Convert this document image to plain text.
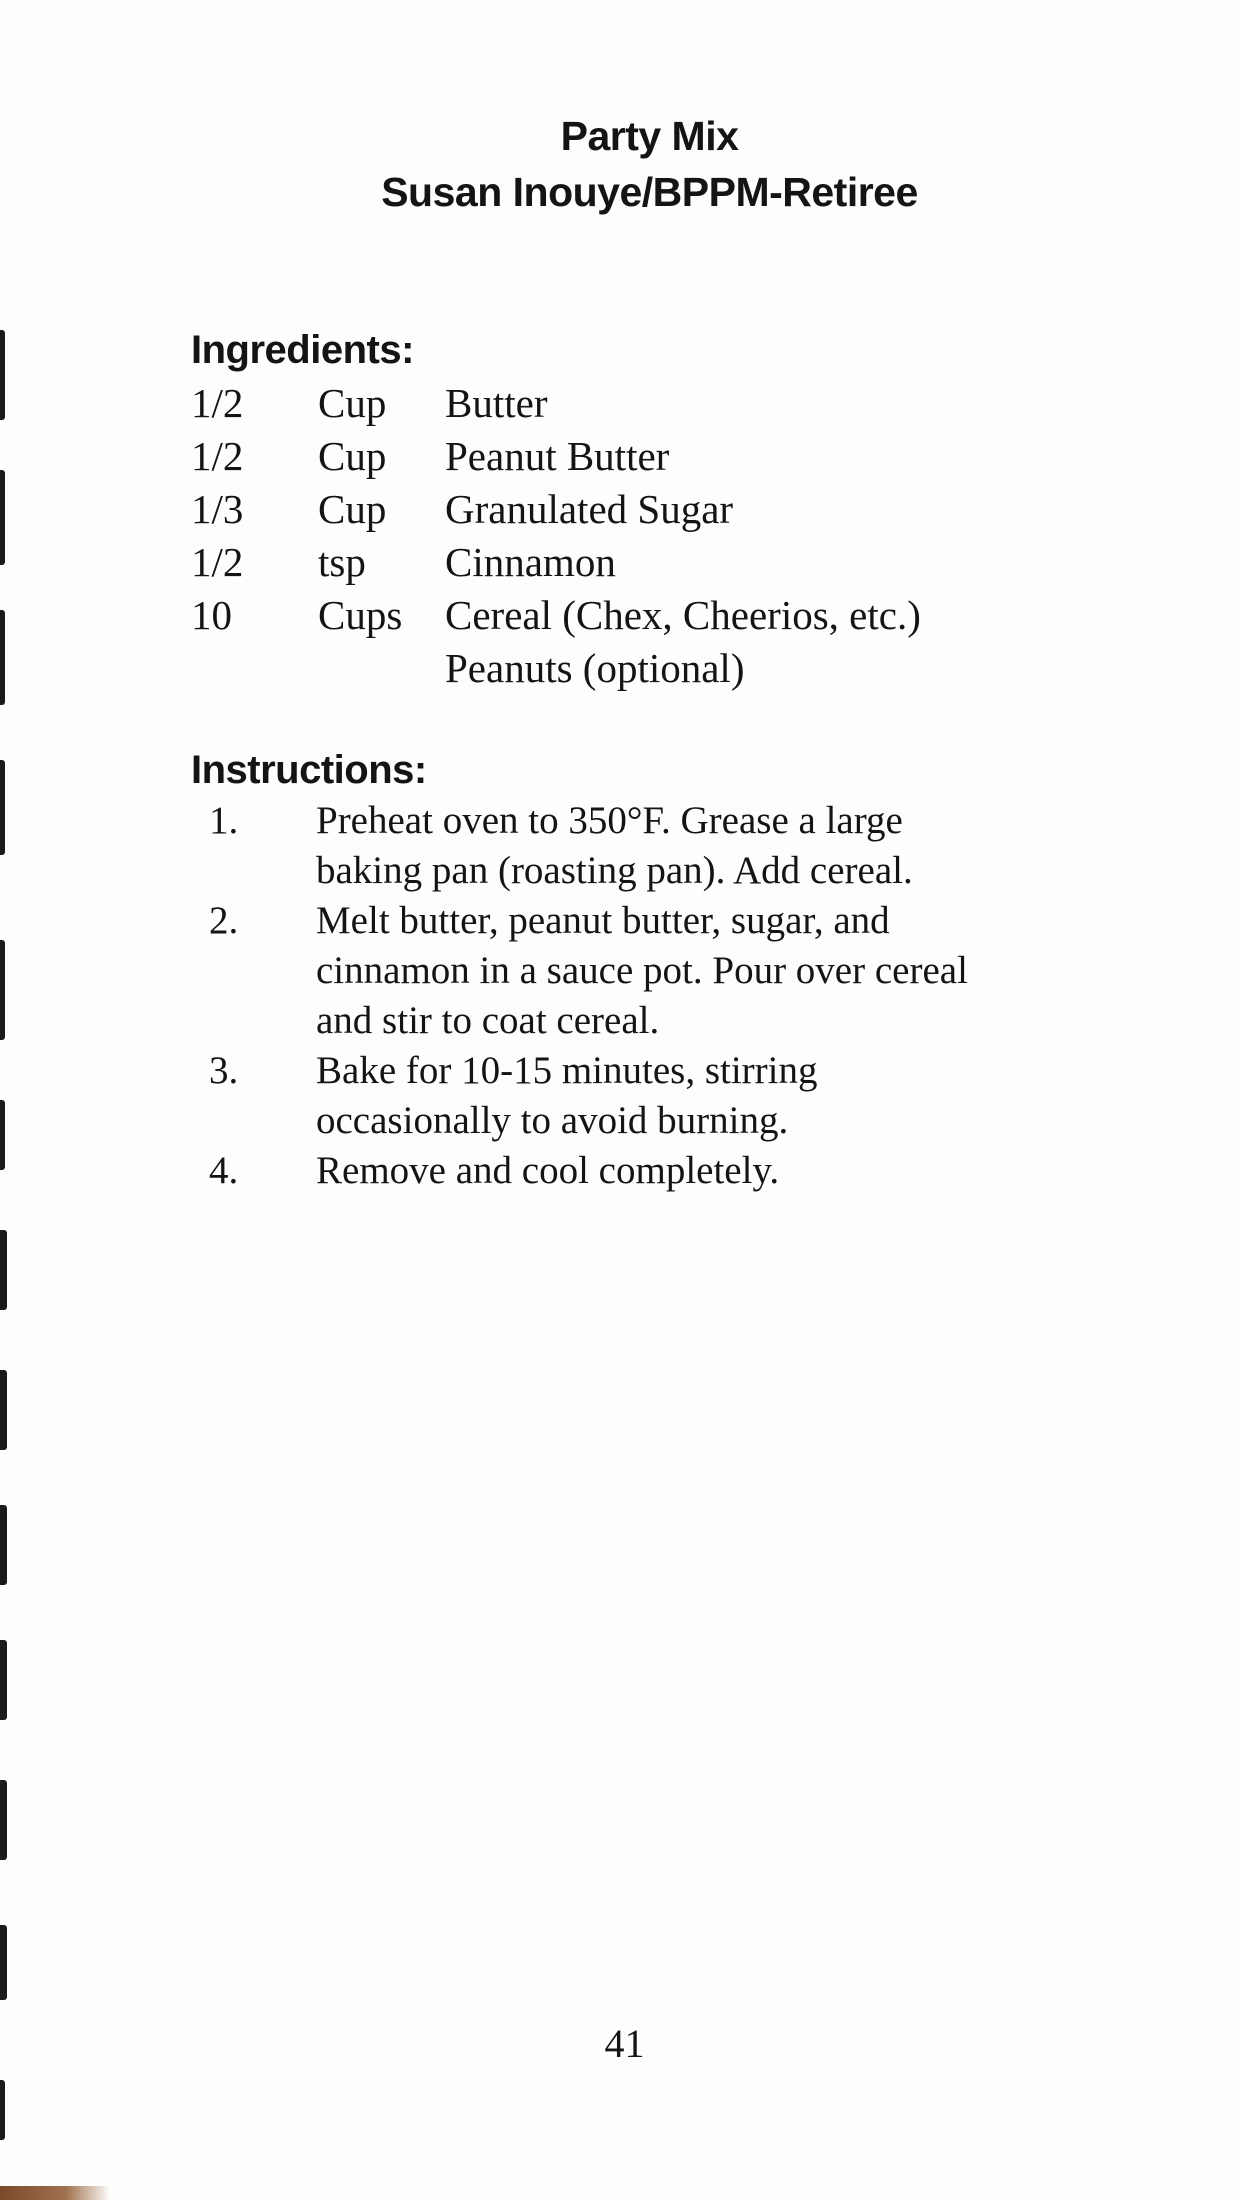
Party Mix
Susan Inouye/BPPM-Retiree
Ingredients:
1/2	Cup	Butter
1/2	Cup	Peanut Butter
1/3	Cup	Granulated Sugar
1/2	tsp	Cinnamon
10	Cups	Cereal (Chex, Cheerios, etc.)
Peanuts (optional)
Instructions:
1.	Preheat oven to 350°F. Grease a large
baking pan (roasting pan). Add cereal.
2.	Melt butter, peanut butter, sugar, and
cinnamon in a sauce pot. Pour over cereal
and stir to coat cereal.
3.	Bake for 10-15 minutes, stirring
occasionally to avoid burning.
4.	Remove and cool completely.
41
